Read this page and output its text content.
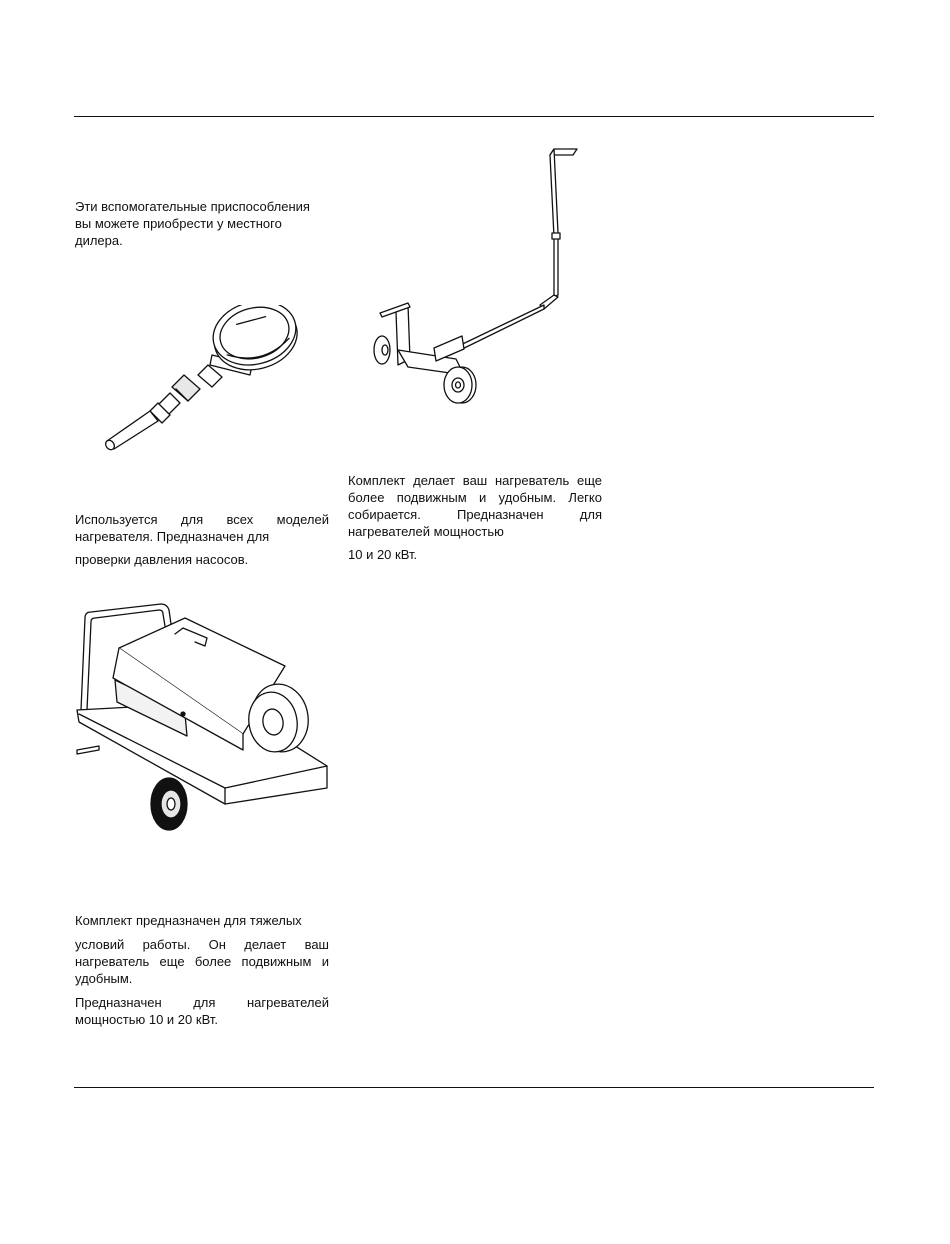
Эти вспомогательные приспособления вы можете приобрести у местного дилера.

Используется для всех моделей нагревателя. Предназначен для

проверки давления насосов.

Комплект делает ваш нагреватель еще более подвижным и удобным. Легко собирается. Предназначен для нагревателей мощностью

10 и 20 кВт.

Комплект предназначен для тяжелых

условий работы. Он делает ваш нагреватель еще более подвижным и удобным.

Предназначен для нагревателей мощностью 10 и 20 кВт.
